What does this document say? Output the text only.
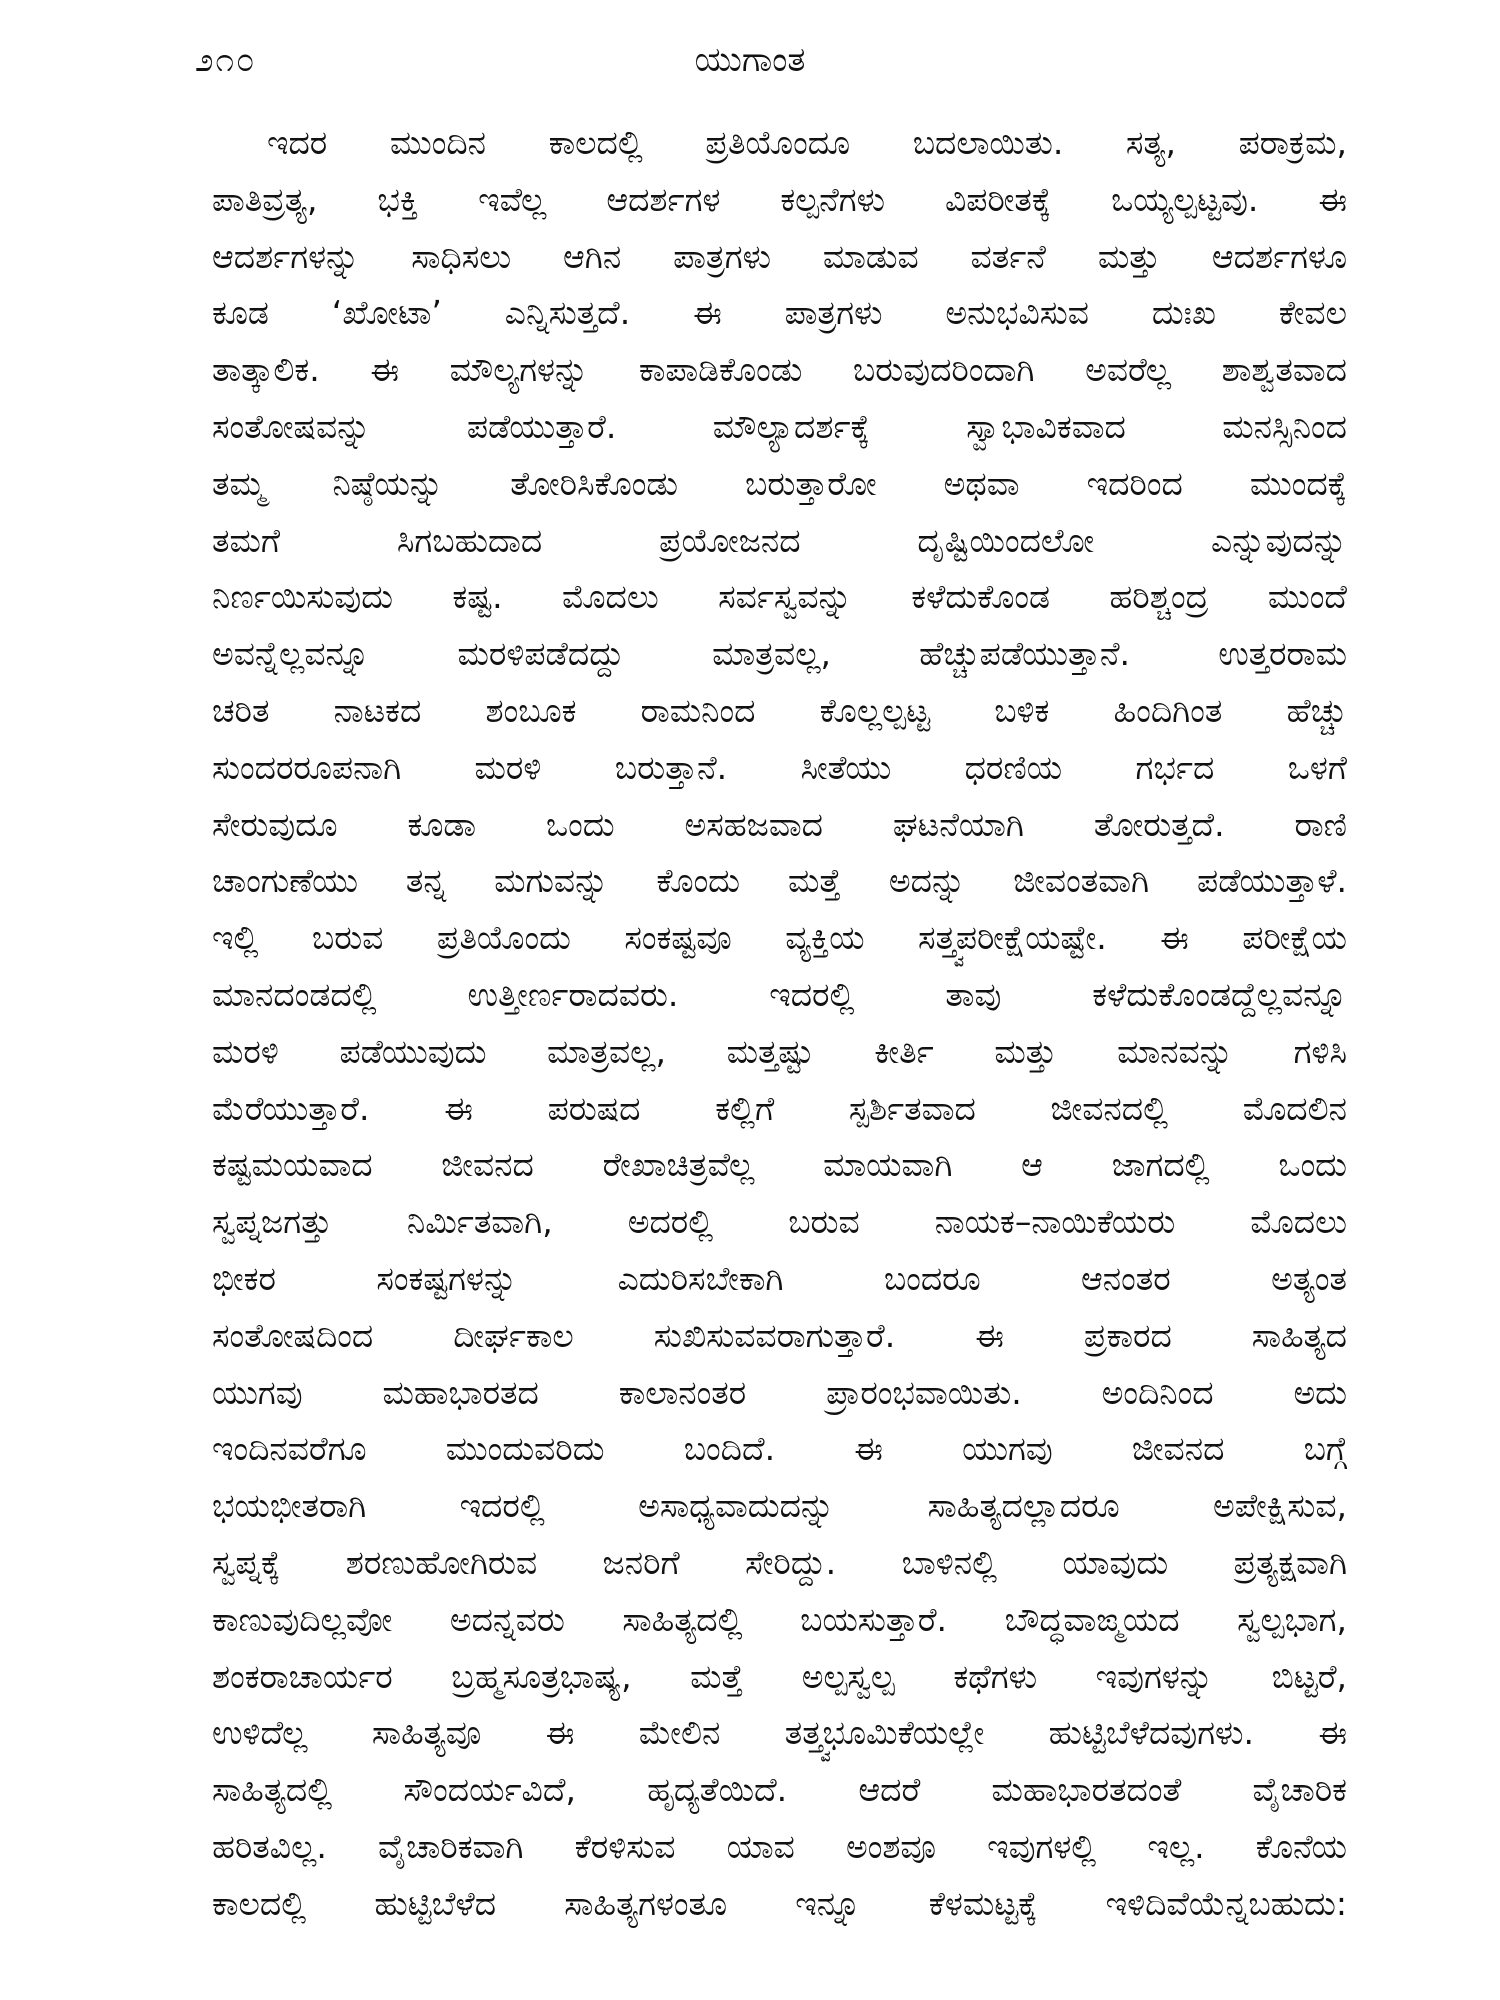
೨೧೦	ಯುಗಾಂತ
ಇದರ ಮುಂದಿನ ಕಾಲದಲ್ಲಿ ಪ್ರತಿಯೊಂದೂ ಬದಲಾಯಿತು. ಸತ್ಯ, ಪರಾಕ್ರಮ,
ಪಾತಿವ್ರತ್ಯ, ಭಕ್ತಿ ಇವೆಲ್ಲ ಆದರ್ಶಗಳ ಕಲ್ಪನೆಗಳು ವಿಪರೀತಕ್ಕೆ ಒಯ್ಯಲ್ಪಟ್ಟವು. ಈ
ಆದರ್ಶಗಳನ್ನು ಸಾಧಿಸಲು ಆಗಿನ ಪಾತ್ರಗಳು ಮಾಡುವ ವರ್ತನೆ ಮತ್ತು ಆದರ್ಶಗಳೂ
ಕೂಡ ‘ಖೋಟಾ’ ಎನ್ನಿಸುತ್ತದೆ. ಈ ಪಾತ್ರಗಳು ಅನುಭವಿಸುವ ದುಃಖ ಕೇವಲ
ತಾತ್ಕಾಲಿಕ. ಈ ಮೌಲ್ಯಗಳನ್ನು ಕಾಪಾಡಿಕೊಂಡು ಬರುವುದರಿಂದಾಗಿ ಅವರೆಲ್ಲ ಶಾಶ್ವತವಾದ
ಸಂತೋಷವನ್ನು ಪಡೆಯುತ್ತಾರೆ. ಮೌಲ್ಯಾದರ್ಶಕ್ಕೆ ಸ್ವಾಭಾವಿಕವಾದ ಮನಸ್ಸಿನಿಂದ
ತಮ್ಮ ನಿಷ್ಠೆಯನ್ನು ತೋರಿಸಿಕೊಂಡು ಬರುತ್ತಾರೋ ಅಥವಾ ಇದರಿಂದ ಮುಂದಕ್ಕೆ
ತಮಗೆ ಸಿಗಬಹುದಾದ ಪ್ರಯೋಜನದ ದೃಷ್ಟಿಯಿಂದಲೋ ಎನ್ನುವುದನ್ನು
ನಿರ್ಣಯಿಸುವುದು ಕಷ್ಟ. ಮೊದಲು ಸರ್ವಸ್ವವನ್ನು ಕಳೆದುಕೊಂಡ ಹರಿಶ್ಚಂದ್ರ ಮುಂದೆ
ಅವನ್ನೆಲ್ಲವನ್ನೂ ಮರಳಿಪಡೆದದ್ದು ಮಾತ್ರವಲ್ಲ, ಹೆಚ್ಚುಪಡೆಯುತ್ತಾನೆ. ಉತ್ತರರಾಮ
ಚರಿತ ನಾಟಕದ ಶಂಬೂಕ ರಾಮನಿಂದ ಕೊಲ್ಲಲ್ಪಟ್ಟ ಬಳಿಕ ಹಿಂದಿಗಿಂತ ಹೆಚ್ಚು
ಸುಂದರರೂಪನಾಗಿ ಮರಳಿ ಬರುತ್ತಾನೆ. ಸೀತೆಯು ಧರಣಿಯ ಗರ್ಭದ ಒಳಗೆ
ಸೇರುವುದೂ ಕೂಡಾ ಒಂದು ಅಸಹಜವಾದ ಘಟನೆಯಾಗಿ ತೋರುತ್ತದೆ. ರಾಣಿ
ಚಾಂಗುಣೆಯು ತನ್ನ ಮಗುವನ್ನು ಕೊಂದು ಮತ್ತೆ ಅದನ್ನು ಜೀವಂತವಾಗಿ ಪಡೆಯುತ್ತಾಳೆ.
ಇಲ್ಲಿ ಬರುವ ಪ್ರತಿಯೊಂದು ಸಂಕಷ್ಟವೂ ವ್ಯಕ್ತಿಯ ಸತ್ತ್ವಪರೀಕ್ಷೆಯಷ್ಟೇ. ಈ ಪರೀಕ್ಷೆಯ
ಮಾನದಂಡದಲ್ಲಿ ಉತ್ತೀರ್ಣರಾದವರು. ಇದರಲ್ಲಿ ತಾವು ಕಳೆದುಕೊಂಡದ್ದೆಲ್ಲವನ್ನೂ
ಮರಳಿ ಪಡೆಯುವುದು ಮಾತ್ರವಲ್ಲ, ಮತ್ತಷ್ಟು ಕೀರ್ತಿ ಮತ್ತು ಮಾನವನ್ನು ಗಳಿಸಿ
ಮೆರೆಯುತ್ತಾರೆ. ಈ ಪರುಷದ ಕಲ್ಲಿಗೆ ಸ್ಪರ್ಶಿತವಾದ ಜೀವನದಲ್ಲಿ ಮೊದಲಿನ
ಕಷ್ಟಮಯವಾದ ಜೀವನದ ರೇಖಾಚಿತ್ರವೆಲ್ಲ ಮಾಯವಾಗಿ ಆ ಜಾಗದಲ್ಲಿ ಒಂದು
ಸ್ವಪ್ನಜಗತ್ತು ನಿರ್ಮಿತವಾಗಿ, ಅದರಲ್ಲಿ ಬರುವ ನಾಯಕ–ನಾಯಿಕೆಯರು ಮೊದಲು
ಭೀಕರ ಸಂಕಷ್ಟಗಳನ್ನು ಎದುರಿಸಬೇಕಾಗಿ ಬಂದರೂ ಆನಂತರ ಅತ್ಯಂತ
ಸಂತೋಷದಿಂದ ದೀರ್ಘಕಾಲ ಸುಖಿಸುವವರಾಗುತ್ತಾರೆ. ಈ ಪ್ರಕಾರದ ಸಾಹಿತ್ಯದ
ಯುಗವು ಮಹಾಭಾರತದ ಕಾಲಾನಂತರ ಪ್ರಾರಂಭವಾಯಿತು. ಅಂದಿನಿಂದ ಅದು
ಇಂದಿನವರೆಗೂ ಮುಂದುವರಿದು ಬಂದಿದೆ. ಈ ಯುಗವು ಜೀವನದ ಬಗ್ಗೆ
ಭಯಭೀತರಾಗಿ ಇದರಲ್ಲಿ ಅಸಾಧ್ಯವಾದುದನ್ನು ಸಾಹಿತ್ಯದಲ್ಲಾದರೂ ಅಪೇಕ್ಷಿಸುವ,
ಸ್ವಪ್ನಕ್ಕೆ ಶರಣುಹೋಗಿರುವ ಜನರಿಗೆ ಸೇರಿದ್ದು. ಬಾಳಿನಲ್ಲಿ ಯಾವುದು ಪ್ರತ್ಯಕ್ಷವಾಗಿ
ಕಾಣುವುದಿಲ್ಲವೋ ಅದನ್ನವರು ಸಾಹಿತ್ಯದಲ್ಲಿ ಬಯಸುತ್ತಾರೆ. ಬೌದ್ಧವಾಙ್ಮಯದ ಸ್ವಲ್ಪಭಾಗ,
ಶಂಕರಾಚಾರ್ಯರ ಬ್ರಹ್ಮಸೂತ್ರಭಾಷ್ಯ, ಮತ್ತೆ ಅಲ್ಪಸ್ವಲ್ಪ ಕಥೆಗಳು ಇವುಗಳನ್ನು ಬಿಟ್ಟರೆ,
ಉಳಿದೆಲ್ಲ ಸಾಹಿತ್ಯವೂ ಈ ಮೇಲಿನ ತತ್ತ್ವಭೂಮಿಕೆಯಲ್ಲೇ ಹುಟ್ಟಿಬೆಳೆದವುಗಳು. ಈ
ಸಾಹಿತ್ಯದಲ್ಲಿ ಸೌಂದರ್ಯವಿದೆ, ಹೃದ್ಯತೆಯಿದೆ. ಆದರೆ ಮಹಾಭಾರತದಂತೆ ವೈಚಾರಿಕ
ಹರಿತವಿಲ್ಲ. ವೈಚಾರಿಕವಾಗಿ ಕೆರಳಿಸುವ ಯಾವ ಅಂಶವೂ ಇವುಗಳಲ್ಲಿ ಇಲ್ಲ. ಕೊನೆಯ
ಕಾಲದಲ್ಲಿ ಹುಟ್ಟಿಬೆಳೆದ ಸಾಹಿತ್ಯಗಳಂತೂ ಇನ್ನೂ ಕೆಳಮಟ್ಟಕ್ಕೆ ಇಳಿದಿವೆಯೆನ್ನಬಹುದು:
